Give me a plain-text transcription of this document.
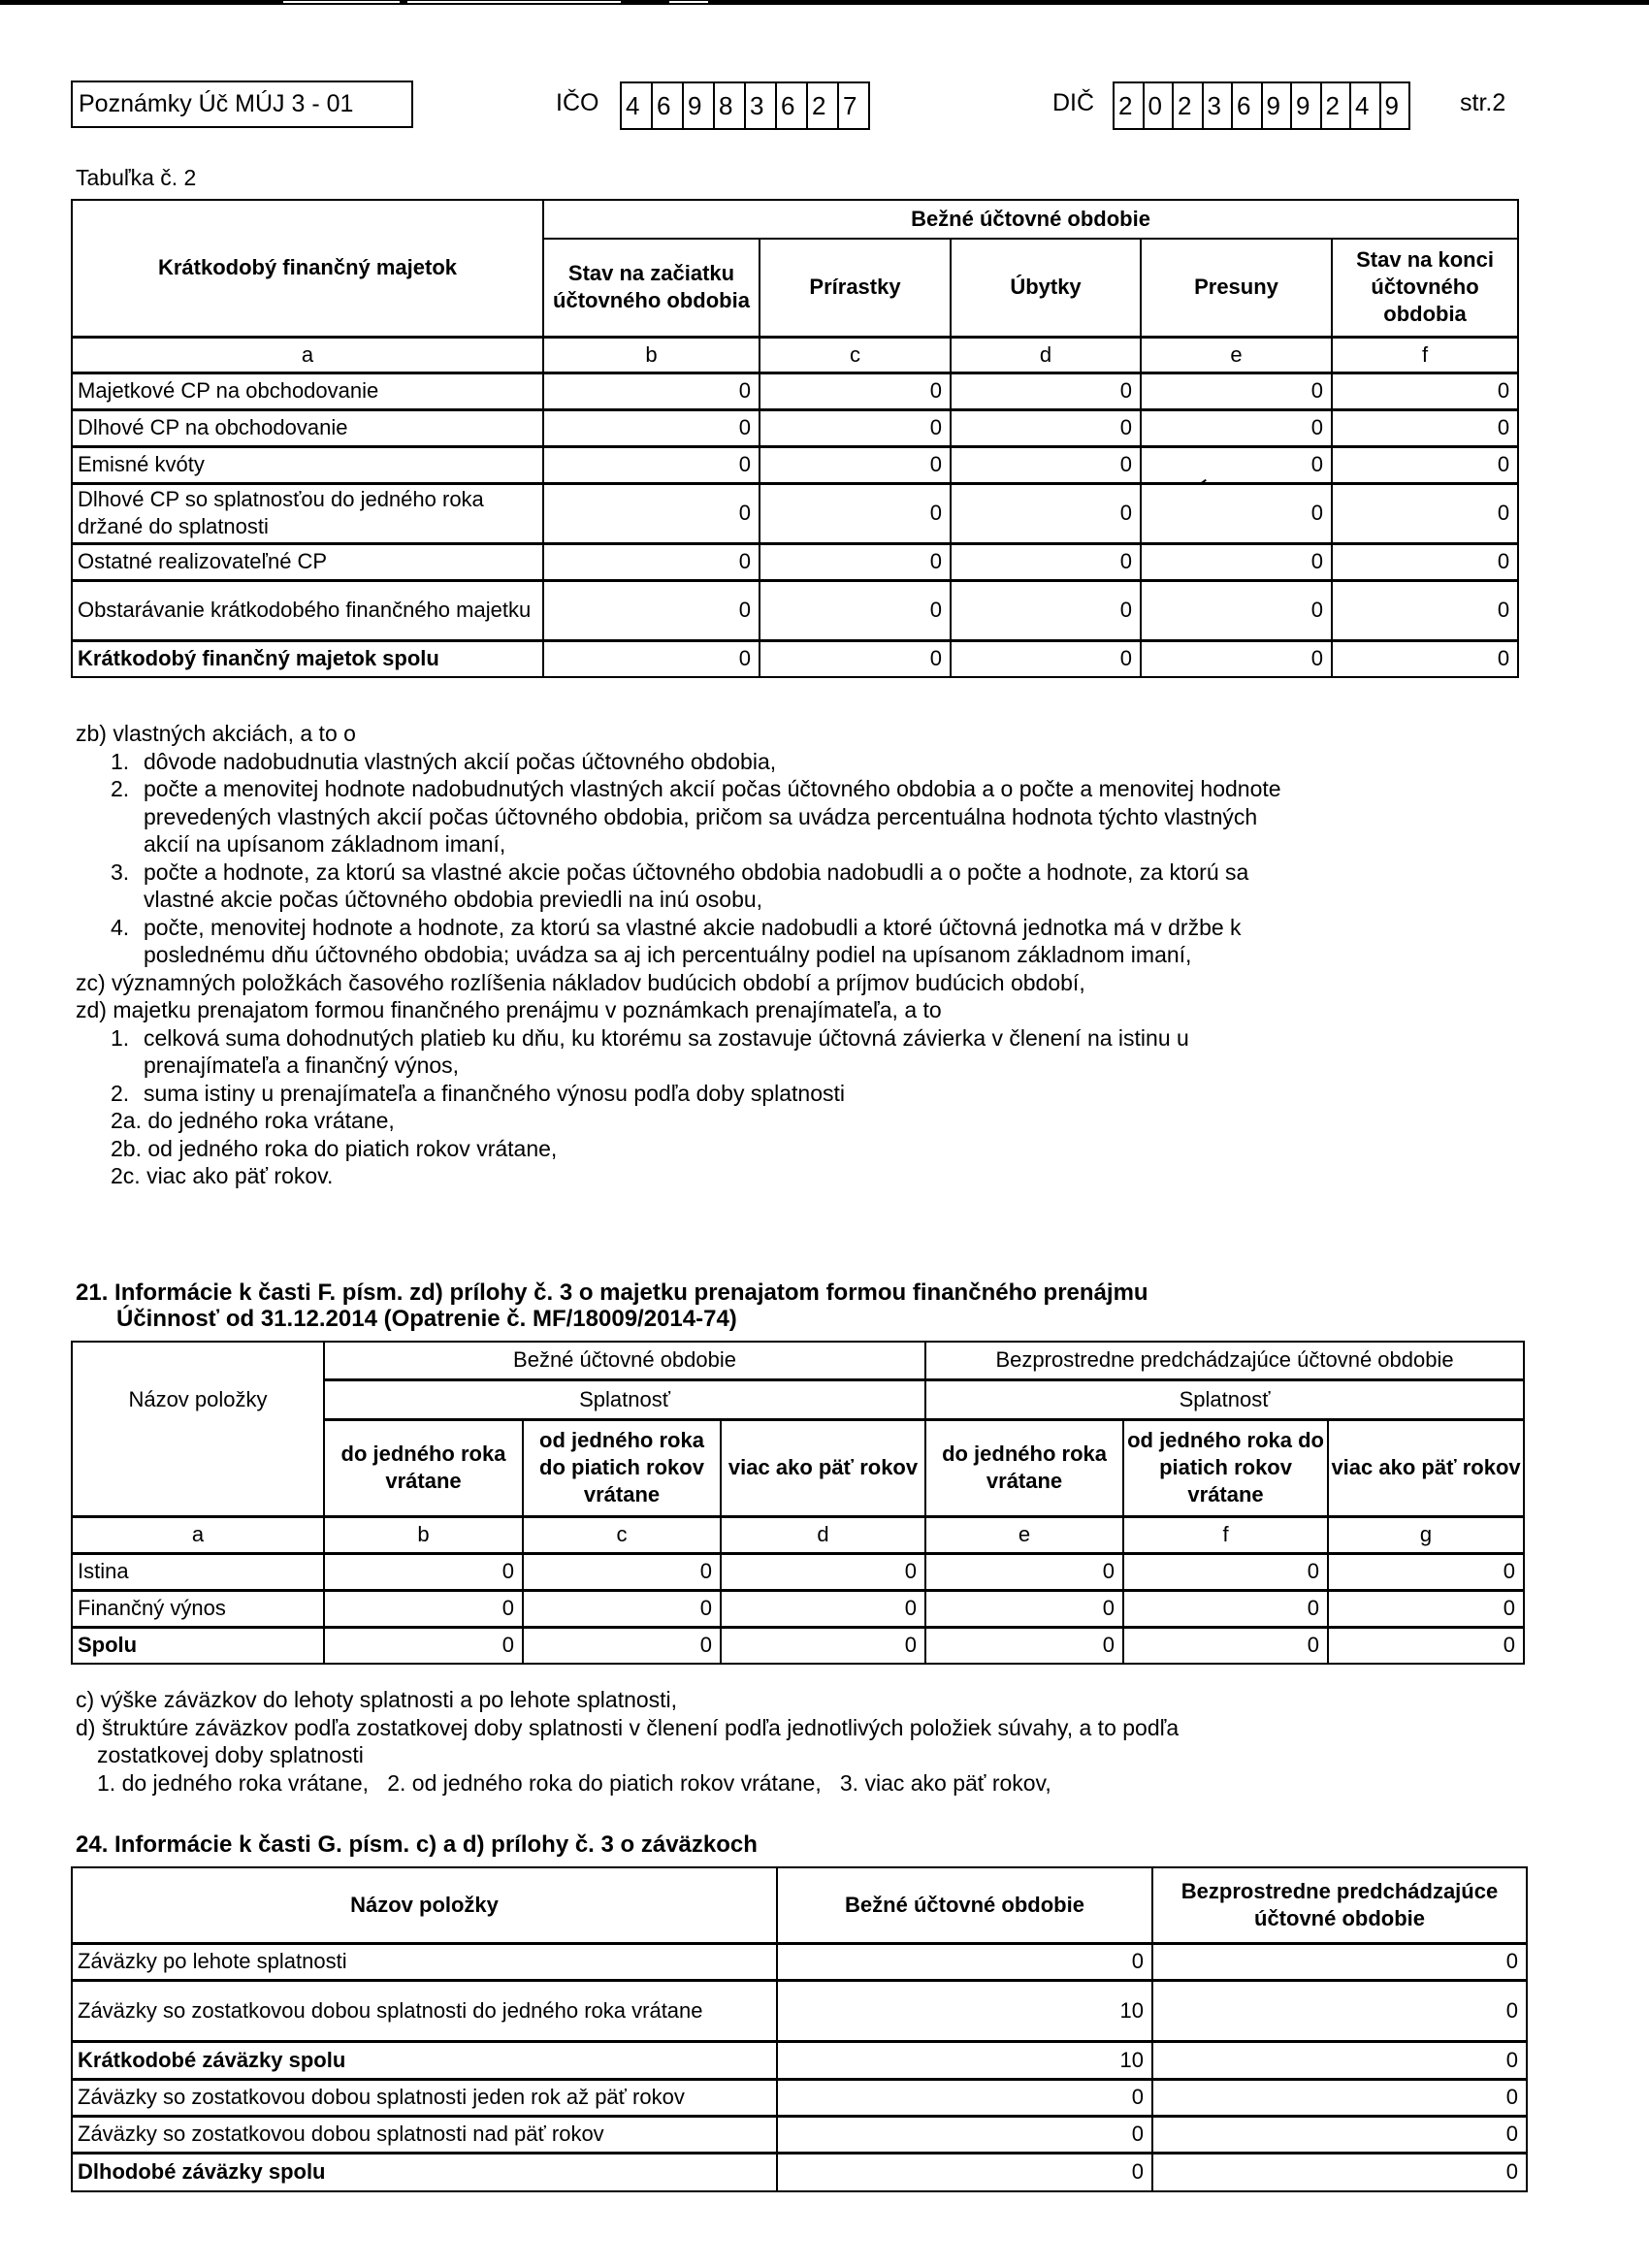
Poznámky Úč MÚJ 3 - 01	IČO 4 6 9 8 3 6 2 7	DIČ 2 0 2 3 6 9 9 2 4 9	str.2
Tabuľka č. 2
Krátkodobý finančný majetok	Bežné účtovné obdobie				
	Stav na začiatku účtovného obdobia	Prírastky	Úbytky	Presuny	Stav na konci účtovného obdobia
a	b	c	d	e	f
Majetkové CP na obchodovanie	0	0	0	0	0
Dlhové CP na obchodovanie	0	0	0	0	0
Emisné kvóty	0	0	0	0	0
Dlhové CP so splatnosťou do jedného roka držané do splatnosti	0	0	0	0	0
Ostatné realizovateľné CP	0	0	0	0	0
Obstarávanie krátkodobého finančného majetku	0	0	0	0	0
Krátkodobý finančný majetok spolu	0	0	0	0	0
zb) vlastných akciách, a to o
1. dôvode nadobudnutia vlastných akcií počas účtovného obdobia,
2. počte a menovitej hodnote nadobudnutých vlastných akcií počas účtovného obdobia a o počte a menovitej hodnote
prevedených vlastných akcií počas účtovného obdobia, pričom sa uvádza percentuálna hodnota týchto vlastných
akcií na upísanom základnom imaní,
3. počte a hodnote, za ktorú sa vlastné akcie počas účtovného obdobia nadobudli a o počte a hodnote, za ktorú sa
vlastné akcie počas účtovného obdobia previedli na inú osobu,
4. počte, menovitej hodnote a hodnote, za ktorú sa vlastné akcie nadobudli a ktoré účtovná jednotka má v držbe k
poslednému dňu účtovného obdobia; uvádza sa aj ich percentuálny podiel na upísanom základnom imaní,
zc) významných položkách časového rozlíšenia nákladov budúcich období a príjmov budúcich období,
zd) majetku prenajatom formou finančného prenájmu v poznámkach prenajímateľa, a to
1. celková suma dohodnutých platieb ku dňu, ku ktorému sa zostavuje účtovná závierka v členení na istinu u
prenajímateľa a finančný výnos,
2. suma istiny u prenajímateľa a finančného výnosu podľa doby splatnosti
2a. do jedného roka vrátane,
2b. od jedného roka do piatich rokov vrátane,
2c. viac ako päť rokov.
21. Informácie k časti F. písm. zd) prílohy č. 3 o majetku prenajatom formou finančného prenájmu
Účinnosť od 31.12.2014 (Opatrenie č. MF/18009/2014-74)
Názov položky	Bežné účtovné obdobie			Bezprostredne predchádzajúce účtovné obdobie		
	Splatnosť			Splatnosť		
	do jedného roka vrátane	od jedného roka do piatich rokov vrátane	viac ako päť rokov	do jedného roka vrátane	od jedného roka do piatich rokov vrátane	viac ako päť rokov
a	b	c	d	e	f	g
Istina	0	0	0	0	0	0
Finančný výnos	0	0	0	0	0	0
Spolu	0	0	0	0	0	0
c) výške záväzkov do lehoty splatnosti a po lehote splatnosti,
d) štruktúre záväzkov podľa zostatkovej doby splatnosti v členení podľa jednotlivých položiek súvahy, a to podľa
zostatkovej doby splatnosti
1. do jedného roka vrátane,   2. od jedného roka do piatich rokov vrátane,   3. viac ako päť rokov,
24. Informácie k časti G. písm. c) a d) prílohy č. 3 o záväzkoch
Názov položky	Bežné účtovné obdobie	Bezprostredne predchádzajúce účtovné obdobie
Záväzky po lehote splatnosti	0	0
Záväzky so zostatkovou dobou splatnosti do jedného roka vrátane	10	0
Krátkodobé záväzky spolu	10	0
Záväzky so zostatkovou dobou splatnosti jeden rok až päť rokov	0	0
Záväzky so zostatkovou dobou splatnosti nad päť rokov	0	0
Dlhodobé záväzky spolu	0	0
